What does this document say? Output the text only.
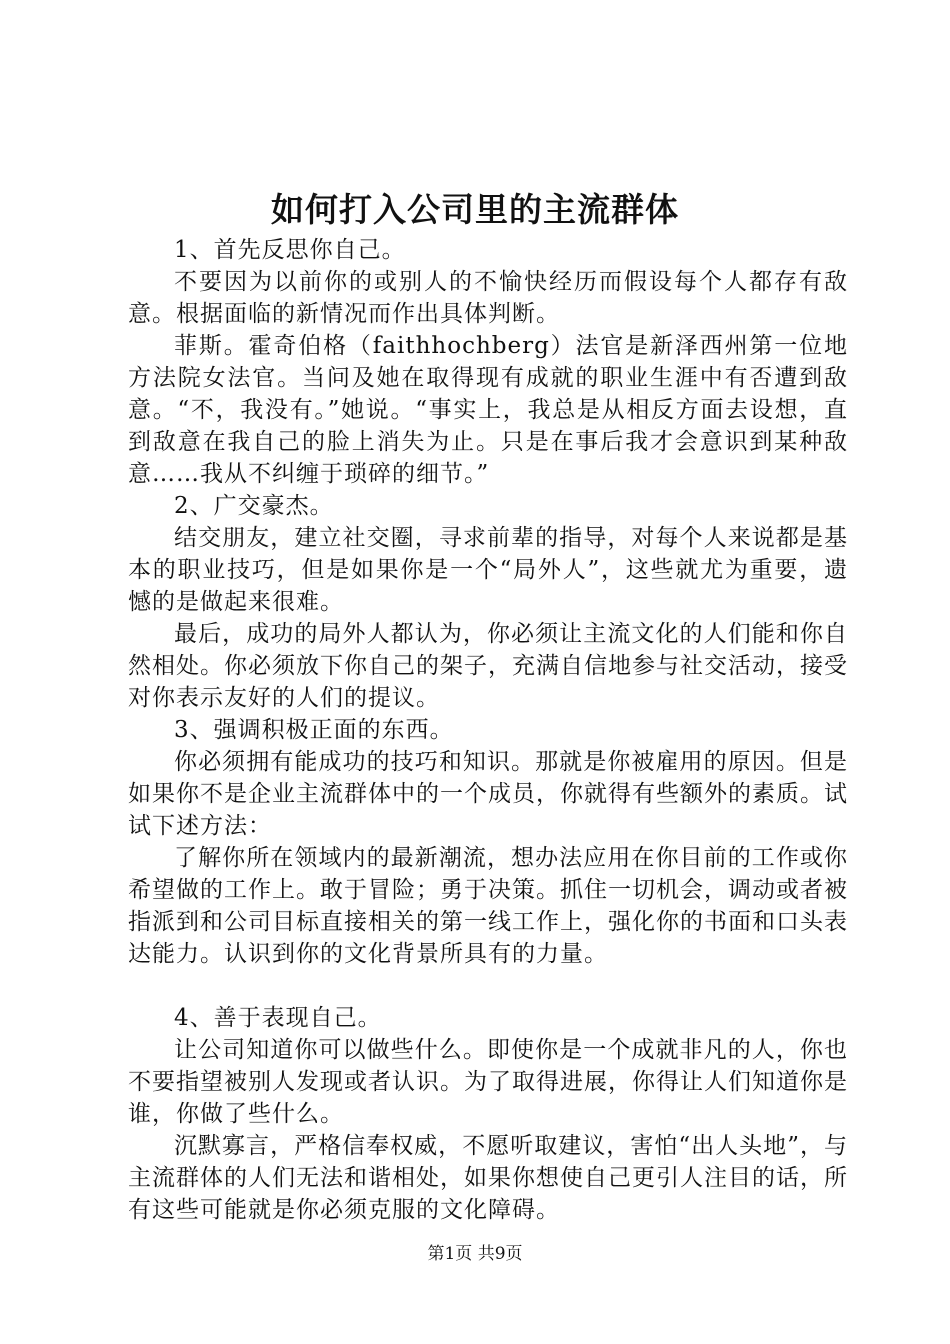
如何打入公司里的主流群体

1、首先反思你自己。

不要因为以前你的或别人的不愉快经历而假设每个人都存有敌意。根据面临的新情况而作出具体判断。

菲斯。霍奇伯格（faithhochberg）法官是新泽西州第一位地方法院女法官。当问及她在取得现有成就的职业生涯中有否遭到敌意。“不，我没有。”她说。“事实上，我总是从相反方面去设想，直到敌意在我自己的脸上消失为止。只是在事后我才会意识到某种敌意……我从不纠缠于琐碎的细节。”

2、广交豪杰。

结交朋友，建立社交圈，寻求前辈的指导，对每个人来说都是基本的职业技巧，但是如果你是一个“局外人”，这些就尤为重要，遗憾的是做起来很难。

最后，成功的局外人都认为，你必须让主流文化的人们能和你自然相处。你必须放下你自己的架子，充满自信地参与社交活动，接受对你表示友好的人们的提议。

3、强调积极正面的东西。

你必须拥有能成功的技巧和知识。那就是你被雇用的原因。但是如果你不是企业主流群体中的一个成员，你就得有些额外的素质。试试下述方法：

了解你所在领域内的最新潮流，想办法应用在你目前的工作或你希望做的工作上。敢于冒险；勇于决策。抓住一切机会，调动或者被指派到和公司目标直接相关的第一线工作上，强化你的书面和口头表达能力。认识到你的文化背景所具有的力量。

4、善于表现自己。

让公司知道你可以做些什么。即使你是一个成就非凡的人，你也不要指望被别人发现或者认识。为了取得进展，你得让人们知道你是谁，你做了些什么。

沉默寡言，严格信奉权威，不愿听取建议，害怕“出人头地”，与主流群体的人们无法和谐相处，如果你想使自己更引人注目的话，所有这些可能就是你必须克服的文化障碍。

第1页 共9页
